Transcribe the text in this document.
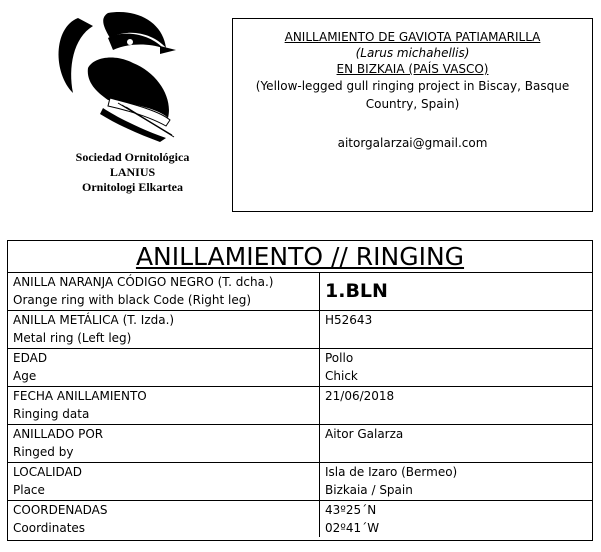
Sociedad Ornitológica
LANIUS
Ornitologi Elkartea
ANILLAMIENTO DE GAVIOTA PATIAMARILLA
(Larus michahellis)
EN BIZKAIA (PAÍS VASCO)
(Yellow-legged gull ringing project in Biscay, Basque Country, Spain)
aitorgalarzai@gmail.com
ANILLAMIENTO // RINGING
ANILLA NARANJA CÓDIGO NEGRO (T. dcha.)
Orange ring with black Code (Right leg)	1.BLN
ANILLA METÁLICA (T. Izda.)
Metal ring (Left leg)
H52643
EDAD
Age
Pollo
Chick
FECHA ANILLAMIENTO
Ringing data
21/06/2018
ANILLADO POR
Ringed by
Aitor Galarza
LOCALIDAD
Place
Isla de Izaro (Bermeo)
Bizkaia / Spain
COORDENADAS
Coordinates
43º25´N
02º41´W
